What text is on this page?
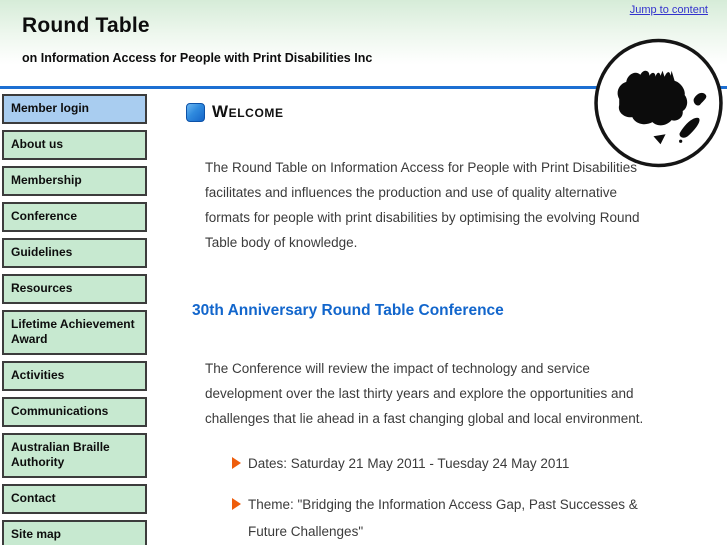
Jump to content
Round Table
on Information Access for People with Print Disabilities Inc
Member login
About us
Membership
Conference
Guidelines
Resources
Lifetime Achievement Award
Activities
Communications
Australian Braille Authority
Contact
Site map
Welcome

The Round Table on Information Access for People with Print Disabilities facilitates and influences the production and use of quality alternative formats for people with print disabilities by optimising the evolving Round Table body of knowledge.

30th Anniversary Round Table Conference

The Conference will review the impact of technology and service development over the last thirty years and explore the opportunities and challenges that lie ahead in a fast changing global and local environment.

Dates: Saturday 21 May 2011 - Tuesday 24 May 2011
Theme: "Bridging the Information Access Gap, Past Successes & Future Challenges"
